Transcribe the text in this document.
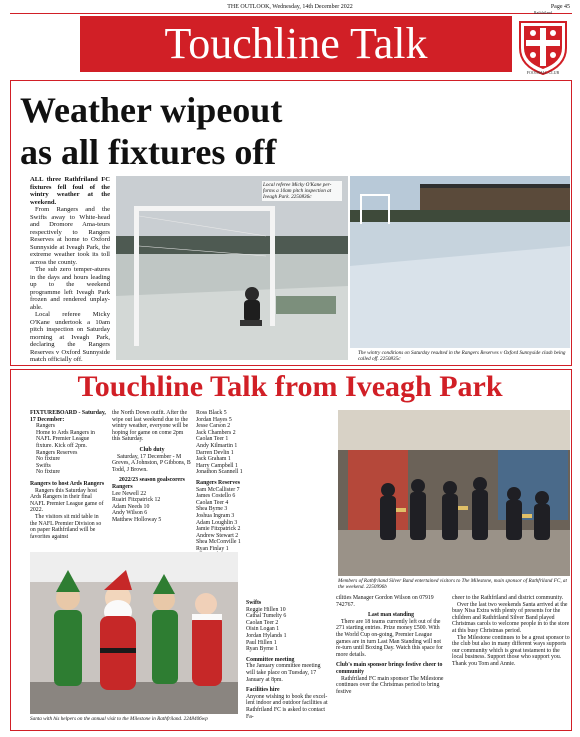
THE OUTLOOK, Wednesday, 14th December 2022	Page 45
Touchline Talk
Rathfriland
FOOTBALL CLUB
Weather wipeout
as all fixtures off

ALL three Rathfriland FC fixtures fell foul of the wintry weather at the weekend.

From Rangers and the Swifts away to White-head and Dromore Ama-teurs respectively to Rangers Reserves at home to Oxford Sunnyside at Iveagh Park, the extreme weather took its toll across the county.

The sub zero temper-atures in the days and hours leading up to the weekend programme left Iveagh Park frozen and rendered unplay-able.

Local referee Micky O'Kane undertook a 10am pitch inspection on Saturday morning at Iveagh Park, declaring the Rangers Reserves v Oxford Sunnyside match officially off.

Local referee Micky O'Kane per-forms a 10am pitch inspection at Iveagh Park. 2250836c
The wintry conditions on Saturday resulted in the Rangers Reserves v Oxford Sunnyside clash being called off. 2250835c
Touchline Talk from Iveagh Park

FIXTUREBOARD - Saturday, 17 December:

Rangers

Home to Ards Rangers in NAFL Premier League fixture. Kick off 2pm.

Rangers Reserves

No fixture

Swifts

No fixture

Rangers to host Ards Rangers

Rangers this Saturday host Ards Rangers in their final NAFL Premier League game of 2022.

The visitors sit mid table in the NAFL Premier Division so on paper Rathfriland will be favorites against

the North Down outfit. After the wipe out last weekend due to the wintry weather, everyone will be hoping for game on come 2pm this Saturday.

Club duty

Saturday, 17 December - M Greves, A Johnston, P Gibbons, B Todd, J Brown.

2022/23 season goalscorers

Rangers

Lee Newell 22

Ruairi Fitzpatrick 12

Adam Needs 10

Andy Wilson 6

Matthew Holloway 5

Ross Black 5

Jordan Hayes 5

Jesse Carson 2

Jack Chambers 2

Caolan Teer 1

Andy Kilmartin 1

Darren Devlin 1

Jack Graham 1

Harry Campbell 1

Jonathon Scannell 1

Rangers Reserves

Sam McCallister 7

James Costello 6

Caolan Teer 4

Shea Byrne 3

Joshua Ingram 3

Adam Loughlin 3

Jamie Fitzpatrick 2

Andrew Stewart 2

Shea McConville 1

Ryan Finlay 1

Members of Rathfriland Silver Band entertained visitors to The Milestone, main sponsor of Rathfriland FC, at the weekend. 2250996b
Santa with his helpers on the annual visit to the Milestone in Rathfriland. 2248406wp

Swifts

Reggie Hillen 10

Cathal Tumelty 6

Caolan Teer 2

Oisin Logan 1

Jordan Hylands 1

Paul Hillen 1

Ryan Byrne 1

Committee meeting

The January committee meeting will take place on Tuesday, 17 January at 8pm.

Facilities hire

Anyone wishing to book the excel-lent indoor and outdoor facilities at Rathfriland FC is asked to contact Fa-

cilities Manager Gordon Wilson on 07919 742767.

Last man standing

There are 18 teams currently left out of the 271 starting entries. Prize money £500. With the World Cup on-going, Premier League games are in turn Last Man Standing will not re-turn until Boxing Day. Watch this space for more details.

Club's main sponsor brings festive cheer to community

Rathfriland FC main sponsor The Milestone continues over the Christmas period to bring festive

cheer to the Rathfriland and district community.

Over the last two weekends Santa arrived at the busy Nisa Extra with plenty of presents for the children and Rathfriland Silver Band played Christmas carols to welcome people in to the store at this busy Christmas period.

The Milestone continues to be a great sponsor to the club but also in many different ways supports our community which is great testament to the local business. Support those who support you. Thank you Tom and Annie.
